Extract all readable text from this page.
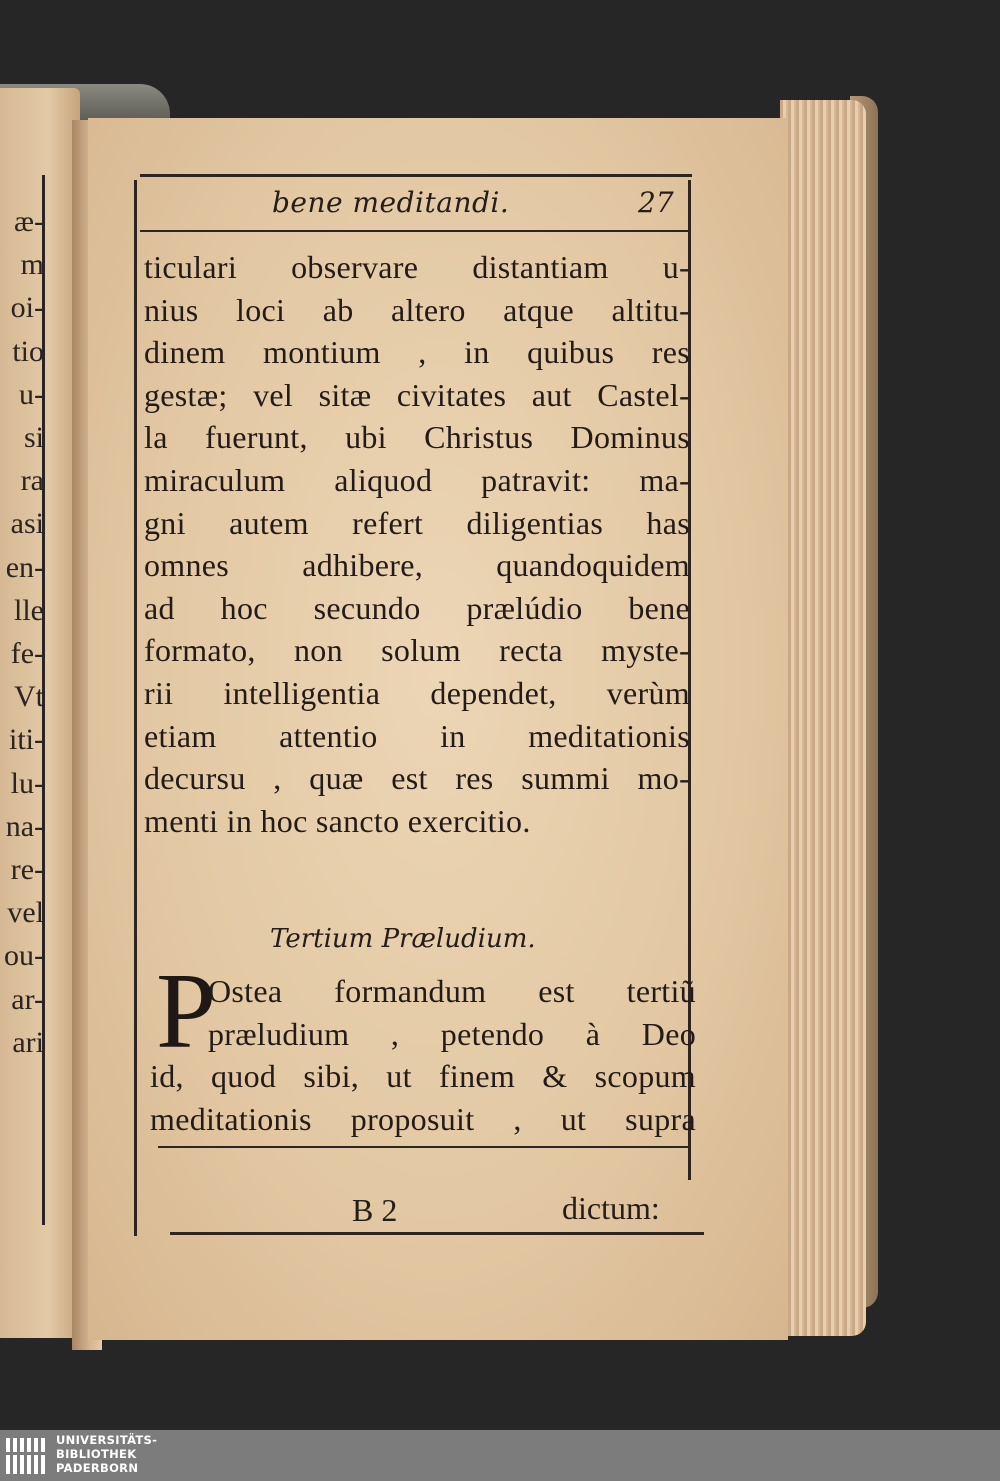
æ-
m
oi-
tio
u-
si
ra
asi
en-
lle
fe-
Vt
iti-
lu-
na-
re-
vel
ou-
ar-
ari
bene meditandi.	27
ticulari observare distantiam u-
nius loci ab altero atque altitu-
dinem montium , in quibus res
gestæ; vel sitæ civitates aut Castel-
la fuerunt, ubi Christus Dominus
miraculum aliquod patravit: ma-
gni autem refert diligentias has
omnes adhibere, quandoquidem
ad hoc secundo prælúdio bene
formato, non solum recta myste-
rii intelligentia dependet, verùm
etiam attentio in meditationis
decursu , quæ est res summi mo-
menti in hoc sancto exercitio.
Tertium Præludium.
P
Ostea formandum est tertiũ
præludium , petendo à Deo
id, quod sibi, ut finem & scopum
meditationis proposuit , ut supra
B 2	dictum:
UNIVERSITÄTS-
BIBLIOTHEK
PADERBORN
